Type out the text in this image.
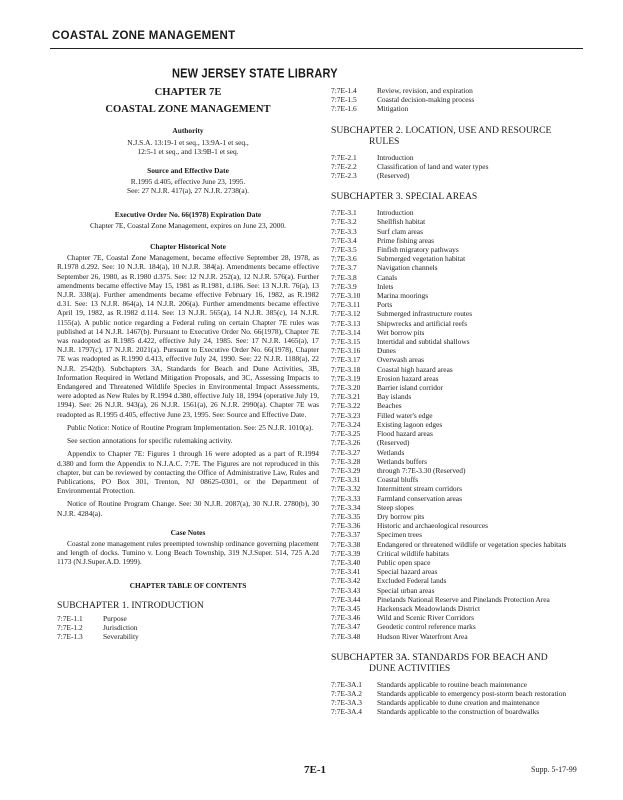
COASTAL ZONE MANAGEMENT
NEW JERSEY STATE LIBRARY
CHAPTER 7E
COASTAL ZONE MANAGEMENT
Authority
N.J.S.A. 13:19-1 et seq., 13:9A-1 et seq.,
12:5-1 et seq., and 13:9B-1 et seq.
Source and Effective Date
R.1995 d.405, effective June 23, 1995.
See: 27 N.J.R. 417(a), 27 N.J.R. 2738(a).
Executive Order No. 66(1978) Expiration Date
Chapter 7E, Coastal Zone Management, expires on June 23, 2000.
Chapter Historical Note

Chapter 7E, Coastal Zone Management, became effective September 28, 1978, as R.1978 d.292. See: 10 N.J.R. 184(a), 10 N.J.R. 384(a). Amendments became effective September 26, 1980, as R.1980 d.375. See: 12 N.J.R. 252(a), 12 N.J.R. 576(a). Further amendments became effective May 15, 1981 as R.1981, d.186. See: 13 N.J.R. 76(a), 13 N.J.R. 338(a). Further amendments became effective February 16, 1982, as R.1982 d.31. See: 13 N.J.R. 864(a), 14 N.J.R. 206(a). Further amendments became effective April 19, 1982, as R.1982 d.114. See: 13 N.J.R. 565(a), 14 N.J.R. 385(c), 14 N.J.R. 1155(a). A public notice regarding a Federal ruling on certain Chapter 7E rules was published at 14 N.J.R. 1467(b). Pursuant to Executive Order No. 66(1978), Chapter 7E was readopted as R.1985 d.422, effective July 24, 1985. See: 17 N.J.R. 1465(a), 17 N.J.R. 1797(c), 17 N.J.R. 2021(a). Pursuant to Executive Order No. 66(1978), Chapter 7E was readopted as R.1990 d.413, effective July 24, 1990. See: 22 N.J.R. 1188(a), 22 N.J.R. 2542(b). Subchapters 3A, Standards for Beach and Dune Activities, 3B, Information Required in Wetland Mitigation Proposals, and 3C, Assessing Impacts to Endangered and Threatened Wildlife Species in Environmental Impact Assessments, were adopted as New Rules by R.1994 d.380, effective July 18, 1994 (operative July 19, 1994). See: 26 N.J.R. 943(a), 26 N.J.R. 1561(a), 26 N.J.R. 2990(a). Chapter 7E was readopted as R.1995 d.405, effective June 23, 1995. See: Source and Effective Date.

Public Notice: Notice of Routine Program Implementation. See: 25 N.J.R. 1010(a).

See section annotations for specific rulemaking activity.

Appendix to Chapter 7E: Figures 1 through 16 were adopted as a part of R.1994 d.380 and form the Appendix to N.J.A.C. 7:7E. The Figures are not reproduced in this chapter, but can be reviewed by contacting the Office of Administrative Law, Rules and Publications, PO Box 301, Trenton, NJ 08625-0301, or the Department of Environmental Protection.

Notice of Routine Program Change. See: 30 N.J.R. 2087(a), 30 N.J.R. 2780(b), 30 N.J.R. 4284(a).

Case Notes

Coastal zone management rules preempted township ordinance governing placement and length of docks. Tumino v. Long Beach Township, 319 N.J.Super. 514, 725 A.2d 1173 (N.J.Super.A.D. 1999).

CHAPTER TABLE OF CONTENTS
SUBCHAPTER 1. INTRODUCTION
7:7E-1.1	Purpose
7:7E-1.2	Jurisdiction
7:7E-1.3	Severability
7:7E-1.4	Review, revision, and expiration
7:7E-1.5	Coastal decision-making process
7:7E-1.6	Mitigation
SUBCHAPTER 2. LOCATION, USE AND RESOURCE
RULES
7:7E-2.1	Introduction
7:7E-2.2	Classification of land and water types
7:7E-2.3	(Reserved)
SUBCHAPTER 3. SPECIAL AREAS
7:7E-3.1	Introduction
7:7E-3.2	Shellfish habitat
7:7E-3.3	Surf clam areas
7:7E-3.4	Prime fishing areas
7:7E-3.5	Finfish migratory pathways
7:7E-3.6	Submerged vegetation habitat
7:7E-3.7	Navigation channels
7:7E-3.8	Canals
7:7E-3.9	Inlets
7:7E-3.10	Marina moorings
7:7E-3.11	Ports
7:7E-3.12	Submerged infrastructure routes
7:7E-3.13	Shipwrecks and artificial reefs
7:7E-3.14	Wet borrow pits
7:7E-3.15	Intertidal and subtidal shallows
7:7E-3.16	Dunes
7:7E-3.17	Overwash areas
7:7E-3.18	Coastal high hazard areas
7:7E-3.19	Erosion hazard areas
7:7E-3.20	Barrier island corridor
7:7E-3.21	Bay islands
7:7E-3.22	Beaches
7:7E-3.23	Filled water's edge
7:7E-3.24	Existing lagoon edges
7:7E-3.25	Flood hazard areas
7:7E-3.26	(Reserved)
7:7E-3.27	Wetlands
7:7E-3.28	Wetlands buffers
7:7E-3.29	through 7:7E-3.30 (Reserved)
7:7E-3.31	Coastal bluffs
7:7E-3.32	Intermittent stream corridors
7:7E-3.33	Farmland conservation areas
7:7E-3.34	Steep slopes
7:7E-3.35	Dry borrow pits
7:7E-3.36	Historic and archaeological resources
7:7E-3.37	Specimen trees
7:7E-3.38	Endangered or threatened wildlife or vegetation species habitats
7:7E-3.39	Critical wildlife habitats
7:7E-3.40	Public open space
7:7E-3.41	Special hazard areas
7:7E-3.42	Excluded Federal lands
7:7E-3.43	Special urban areas
7:7E-3.44	Pinelands National Reserve and Pinelands Protection Area
7:7E-3.45	Hackensack Meadowlands District
7:7E-3.46	Wild and Scenic River Corridors
7:7E-3.47	Geodetic control reference marks
7:7E-3.48	Hudson River Waterfront Area
SUBCHAPTER 3A. STANDARDS FOR BEACH AND
DUNE ACTIVITIES
7:7E-3A.1	Standards applicable to routine beach maintenance
7:7E-3A.2	Standards applicable to emergency post-storm beach restoration
7:7E-3A.3	Standards applicable to dune creation and maintenance
7:7E-3A.4	Standards applicable to the construction of boardwalks
7E-1	Supp. 5-17-99
